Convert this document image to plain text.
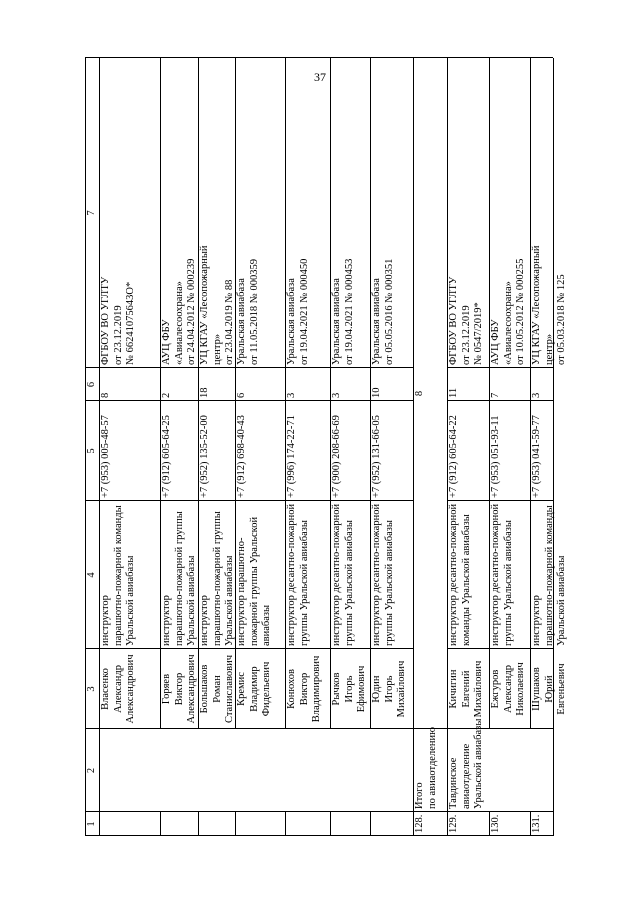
37
1
2
3
4
5
6
7
Власенко Александр Александрович
инструктор парашютно-пожарной команды Уральской авиабазы
+7 (953) 005-48-57
8
ФГБОУ ВО УГЛТУ от 23.12.2019 № 66241075643О*
Горяев Виктор Александрович
инструктор парашютно-пожарной группы Уральской авиабазы
+7 (912) 605-64-25
2
АУЦ ФБУ «Авиалесоохрана» от 24.04.2012 № 000239
Большаков Роман Станиславович
инструктор парашютно-пожарной группы Уральской авиабазы
+7 (952) 135-52-00
18
УЦ КГАУ «Лесопожарный центр» от 23.04.2019 № 88
Кремис Владимир Фидельевич
инструктор парашютно- пожарной группы Уральской авиабазы
+7 (912) 698-40-43
6
Уральская авиабаза от 11.05.2018 № 000359
Конюхов Виктор Владимирович
инструктор десантно-пожарной группы Уральской авиабазы
+7 (996) 174-22-71
3
Уральская авиабаза от 19.04.2021 № 000450
Рычков Игорь Ефимович
инструктор десантно-пожарной группы Уральской авиабазы
+7 (900) 208-66-69
3
Уральская авиабаза от 19.04.2021 № 000453
Юдин Игорь Михайлович
инструктор десантно-пожарной группы Уральской авиабазы
+7 (952) 131-66-05
10
Уральская авиабаза от 05.05.2016 № 000351
128.
Итого по авиаотделению
8
129.
Тавдинское авиаотделение Уральской авиабазы
Кичигин Евгений Михайлович
инструктор десантно-пожарной команды Уральской авиабазы
+7 (912) 605-64-22
11
ФГБОУ ВО УГЛТУ от 23.12.2019 № 0547/2019*
130.
Ежгуров Александр Николаевич
инструктор десантно-пожарной группы Уральской авиабазы
+7 (953) 051-93-11
7
АУЦ ФБУ «Авиалесоохрана» от 10.05.2012 № 000255
131.
Шушаков Юрий Евгеньевич
инструктор парашютно-пожарной команды Уральской авиабазы
+7 (953) 041-59-77
3
УЦ КГАУ «Лесопожарный центр» от 05.03.2018 № 125
